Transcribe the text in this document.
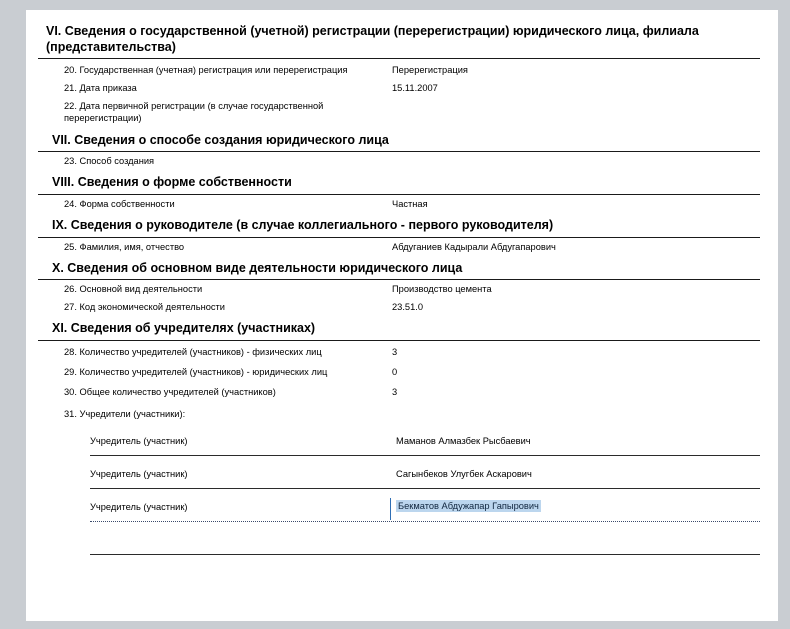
VI. Сведения о государственной (учетной) регистрации (перерегистрации) юридического лица, филиала (представительства)
20. Государственная (учетная) регистрация или перерегистрация	Перерегистрация
21. Дата приказа	15.11.2007
22. Дата первичной регистрации (в случае государственной перерегистрации)
VII. Сведения о способе создания юридического лица
23. Способ создания
VIII. Сведения о форме собственности
24. Форма собственности	Частная
IX. Сведения о руководителе (в случае коллегиального - первого руководителя)
25. Фамилия, имя, отчество	Абдуганиев Кадырали Абдугапарович
X. Сведения об основном виде деятельности юридического лица
26. Основной вид деятельности	Производство цемента
27. Код экономической деятельности	23.51.0
XI. Сведения об учредителях (участниках)
28. Количество учредителей (участников) - физических лиц	3
29. Количество учредителей (участников) - юридических лиц	0
30. Общее количество учредителей (участников)	3
31. Учредители (участники):
Учредитель (участник)	Маманов Алмазбек Рысбаевич
Учредитель (участник)	Сагынбеков Улугбек Аскарович
Учредитель (участник)	Бекматов Абдужапар Гапырович
